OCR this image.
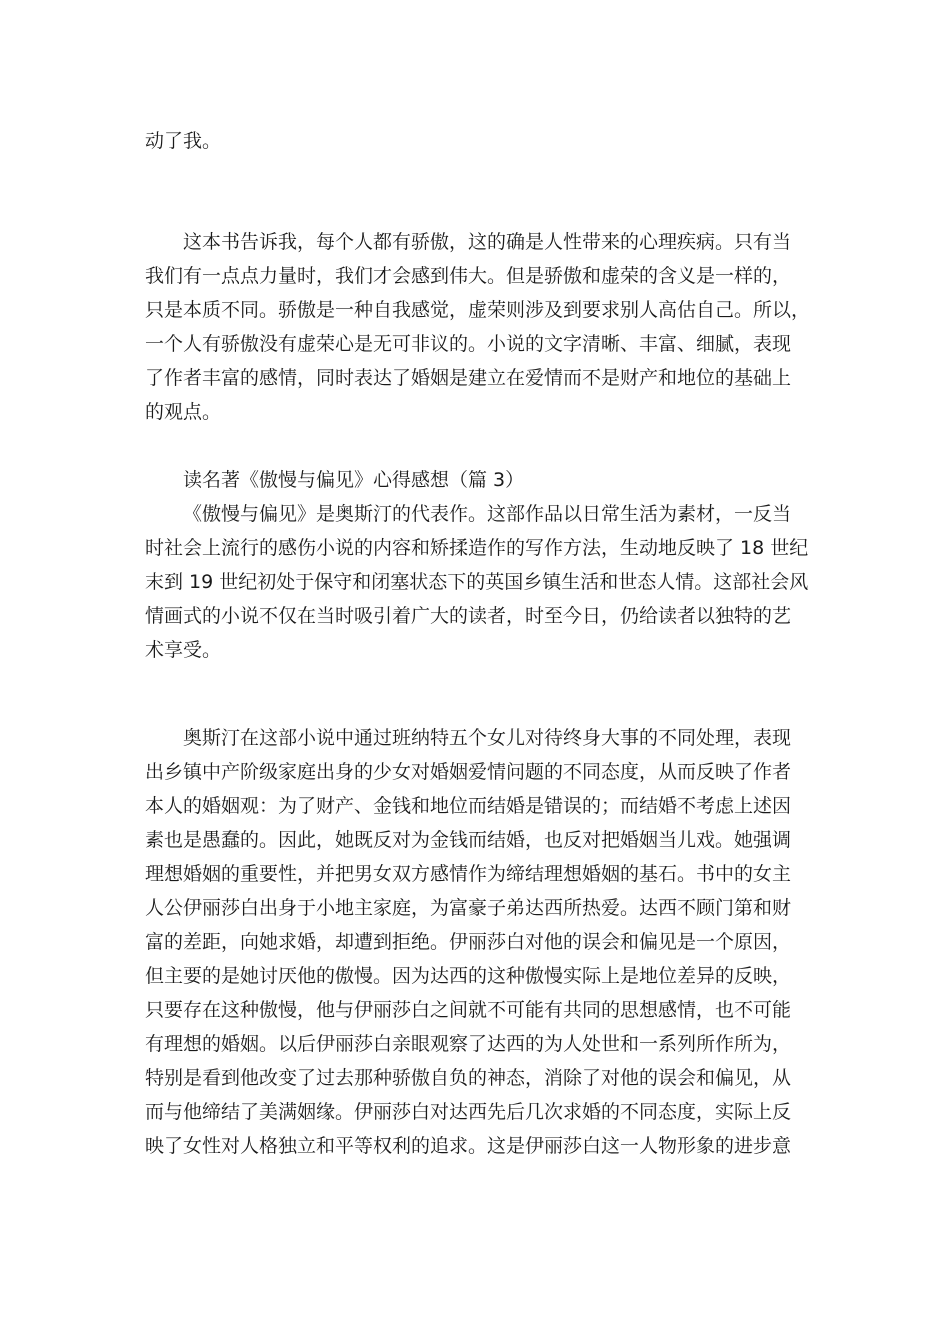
动了我。

这本书告诉我，每个人都有骄傲，这的确是人性带来的心理疾病。只有当

我们有一点点力量时，我们才会感到伟大。但是骄傲和虚荣的含义是一样的，

只是本质不同。骄傲是一种自我感觉，虚荣则涉及到要求别人高估自己。所以，

一个人有骄傲没有虚荣心是无可非议的。小说的文字清晰、丰富、细腻，表现

了作者丰富的感情，同时表达了婚姻是建立在爱情而不是财产和地位的基础上

的观点。

读名著《傲慢与偏见》心得感想（篇 3）

《傲慢与偏见》是奥斯汀的代表作。这部作品以日常生活为素材，一反当

时社会上流行的感伤小说的内容和矫揉造作的写作方法，生动地反映了 18 世纪

末到 19 世纪初处于保守和闭塞状态下的英国乡镇生活和世态人情。这部社会风

情画式的小说不仅在当时吸引着广大的读者，时至今日，仍给读者以独特的艺

术享受。

奥斯汀在这部小说中通过班纳特五个女儿对待终身大事的不同处理，表现

出乡镇中产阶级家庭出身的少女对婚姻爱情问题的不同态度，从而反映了作者

本人的婚姻观：为了财产、金钱和地位而结婚是错误的；而结婚不考虑上述因

素也是愚蠢的。因此，她既反对为金钱而结婚，也反对把婚姻当儿戏。她强调

理想婚姻的重要性，并把男女双方感情作为缔结理想婚姻的基石。书中的女主

人公伊丽莎白出身于小地主家庭，为富豪子弟达西所热爱。达西不顾门第和财

富的差距，向她求婚，却遭到拒绝。伊丽莎白对他的误会和偏见是一个原因，

但主要的是她讨厌他的傲慢。因为达西的这种傲慢实际上是地位差异的反映，

只要存在这种傲慢，他与伊丽莎白之间就不可能有共同的思想感情，也不可能

有理想的婚姻。以后伊丽莎白亲眼观察了达西的为人处世和一系列所作所为，

特别是看到他改变了过去那种骄傲自负的神态，消除了对他的误会和偏见，从

而与他缔结了美满姻缘。伊丽莎白对达西先后几次求婚的不同态度，实际上反

映了女性对人格独立和平等权利的追求。这是伊丽莎白这一人物形象的进步意
